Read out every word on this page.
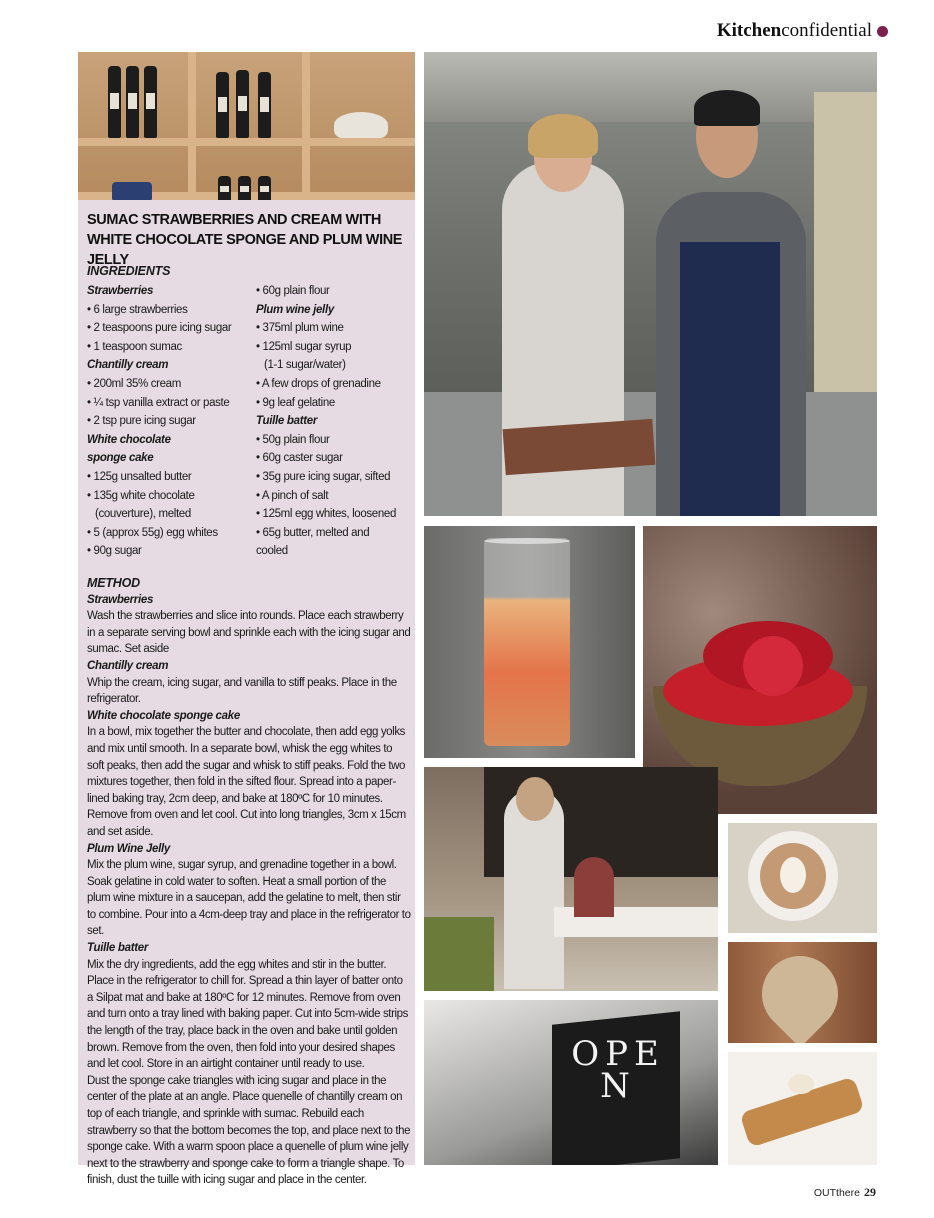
Kitchenconfidential
SUMAC STRAWBERRIES AND CREAM WITH WHITE CHOCOLATE SPONGE AND PLUM WINE JELLY
INGREDIENTS
Strawberries
• 6 large strawberries
• 2 teaspoons pure icing sugar
• 1 teaspoon sumac
Chantilly cream
• 200ml 35% cream
• ¼ tsp vanilla extract or paste
• 2 tsp pure icing sugar
White chocolate
sponge cake
• 125g unsalted butter
• 135g white chocolate
(couverture), melted
• 5 (approx 55g) egg whites
• 90g sugar
• 60g plain flour
Plum wine jelly
• 375ml plum wine
• 125ml sugar syrup
(1-1 sugar/water)
• A few drops of grenadine
• 9g leaf gelatine
Tuille batter
• 50g plain flour
• 60g caster sugar
• 35g pure icing sugar, sifted
• A pinch of salt
• 125ml egg whites, loosened
• 65g butter, melted and
cooled
METHOD
Strawberries

Wash the strawberries and slice into rounds. Place each strawberry in a separate serving bowl and sprinkle each with the icing sugar and sumac. Set aside

Chantilly cream

Whip the cream, icing sugar, and vanilla to stiff peaks. Place in the refrigerator.

White chocolate sponge cake

In a bowl, mix together the butter and chocolate, then add egg yolks and mix until smooth. In a separate bowl, whisk the egg whites to soft peaks, then add the sugar and whisk to stiff peaks. Fold the two mixtures together, then fold in the sifted flour. Spread into a paper-lined baking tray, 2cm deep, and bake at 180ºC for 10 minutes. Remove from oven and let cool. Cut into long triangles, 3cm x 15cm and set aside.

Plum Wine Jelly

Mix the plum wine, sugar syrup, and grenadine together in a bowl. Soak gelatine in cold water to soften. Heat a small portion of the plum wine mixture in a saucepan, add the gelatine to melt, then stir to combine. Pour into a 4cm-deep tray and place in the refrigerator to set.

Tuille batter

Mix the dry ingredients, add the egg whites and stir in the butter. Place in the refrigerator to chill for. Spread a thin layer of batter onto a Silpat mat and bake at 180ºC for 12 minutes. Remove from oven and turn onto a tray lined with baking paper. Cut into 5cm-wide strips the length of the tray, place back in the oven and bake until golden brown. Remove from the oven, then fold into your desired shapes and let cool. Store in an airtight container until ready to use.

Dust the sponge cake triangles with icing sugar and place in the center of the plate at an angle. Place quenelle of chantilly cream on top of each triangle, and sprinkle with sumac. Rebuild each strawberry so that the bottom becomes the top, and place next to the sponge cake. With a warm spoon place a quenelle of plum wine jelly next to the strawberry and sponge cake to form a triangle shape. To finish, dust the tuille with icing sugar and place in the center.

OPEN
OUTthere 29
